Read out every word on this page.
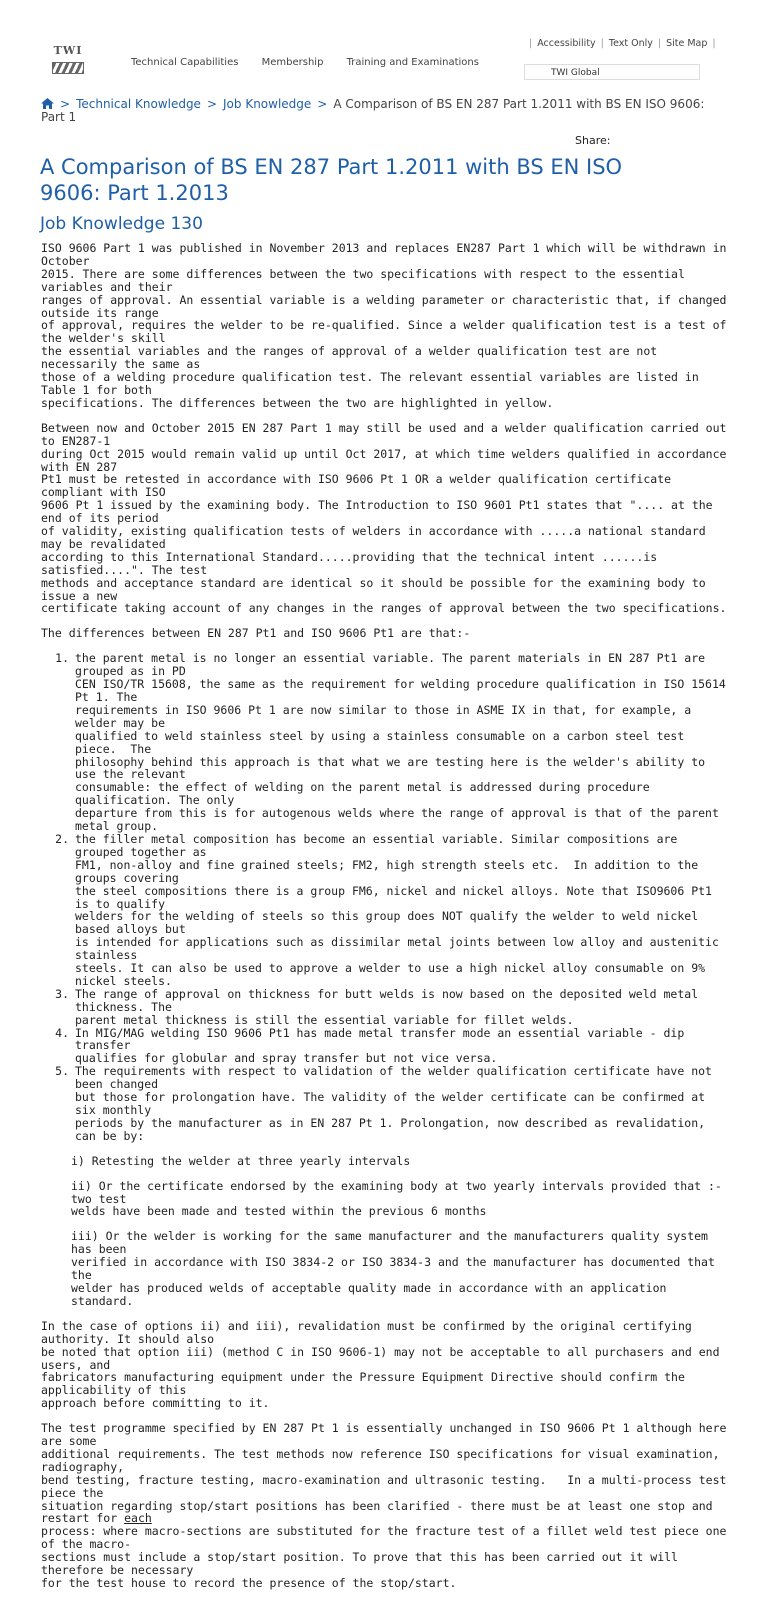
TWI
Technical Capabilities Membership Training and Examinations
| Accessibility | Text Only | Site Map |
TWI Global
> Technical Knowledge > Job Knowledge > A Comparison of BS EN 287 Part 1.2011 with BS EN ISO 9606:
Part 1
Share:
A Comparison of BS EN 287 Part 1.2011 with BS EN ISO
9606: Part 1.2013
Job Knowledge 130

ISO 9606 Part 1 was published in November 2013 and replaces EN287 Part 1 which will be withdrawn in October
2015. There are some differences between the two specifications with respect to the essential variables and their
ranges of approval. An essential variable is a welding parameter or characteristic that, if changed outside its range
of approval, requires the welder to be re-qualified. Since a welder qualification test is a test of the welder's skill
the essential variables and the ranges of approval of a welder qualification test are not necessarily the same as
those of a welding procedure qualification test. The relevant essential variables are listed in Table 1 for both
specifications. The differences between the two are highlighted in yellow.

Between now and October 2015 EN 287 Part 1 may still be used and a welder qualification carried out to EN287-1
during Oct 2015 would remain valid up until Oct 2017, at which time welders qualified in accordance with EN 287
Pt1 must be retested in accordance with ISO 9606 Pt 1 OR a welder qualification certificate compliant with ISO
9606 Pt 1 issued by the examining body. The Introduction to ISO 9601 Pt1 states that ".... at the end of its period
of validity, existing qualification tests of welders in accordance with .....a national standard may be revalidated
according to this International Standard.....providing that the technical intent ......is satisfied....". The test
methods and acceptance standard are identical so it should be possible for the examining body to issue a new
certificate taking account of any changes in the ranges of approval between the two specifications.

The differences between EN 287 Pt1 and ISO 9606 Pt1 are that:-

1. the parent metal is no longer an essential variable. The parent materials in EN 287 Pt1 are grouped as in PD
CEN ISO/TR 15608, the same as the requirement for welding procedure qualification in ISO 15614 Pt 1. The
requirements in ISO 9606 Pt 1 are now similar to those in ASME IX in that, for example, a welder may be
qualified to weld stainless steel by using a stainless consumable on a carbon steel test piece.  The
philosophy behind this approach is that what we are testing here is the welder's ability to use the relevant
consumable: the effect of welding on the parent metal is addressed during procedure qualification. The only
departure from this is for autogenous welds where the range of approval is that of the parent metal group.
2. the filler metal composition has become an essential variable. Similar compositions are grouped together as
FM1, non-alloy and fine grained steels; FM2, high strength steels etc.  In addition to the groups covering
the steel compositions there is a group FM6, nickel and nickel alloys. Note that ISO9606 Pt1 is to qualify
welders for the welding of steels so this group does NOT qualify the welder to weld nickel based alloys but
is intended for applications such as dissimilar metal joints between low alloy and austenitic stainless
steels. It can also be used to approve a welder to use a high nickel alloy consumable on 9% nickel steels.
3. The range of approval on thickness for butt welds is now based on the deposited weld metal thickness. The
parent metal thickness is still the essential variable for fillet welds.
4. In MIG/MAG welding ISO 9606 Pt1 has made metal transfer mode an essential variable - dip transfer
qualifies for globular and spray transfer but not vice versa.
5. The requirements with respect to validation of the welder qualification certificate have not been changed
but those for prolongation have. The validity of the welder certificate can be confirmed at six monthly
periods by the manufacturer as in EN 287 Pt 1. Prolongation, now described as revalidation, can be by:
i) Retesting the welder at three yearly intervals
ii) Or the certificate endorsed by the examining body at two yearly intervals provided that :-two test
welds have been made and tested within the previous 6 months
iii) Or the welder is working for the same manufacturer and the manufacturers quality system has been
verified in accordance with ISO 3834-2 or ISO 3834-3 and the manufacturer has documented that the
welder has produced welds of acceptable quality made in accordance with an application standard.

In the case of options ii) and iii), revalidation must be confirmed by the original certifying authority. It should also
be noted that option iii) (method C in ISO 9606-1) may not be acceptable to all purchasers and end users, and
fabricators manufacturing equipment under the Pressure Equipment Directive should confirm the applicability of this
approach before committing to it.

The test programme specified by EN 287 Pt 1 is essentially unchanged in ISO 9606 Pt 1 although here are some
additional requirements. The test methods now reference ISO specifications for visual examination, radiography,
bend testing, fracture testing, macro-examination and ultrasonic testing.   In a multi-process test piece the
situation regarding stop/start positions has been clarified - there must be at least one stop and restart for each
process: where macro-sections are substituted for the fracture test of a fillet weld test piece one of the macro-
sections must include a stop/start position. To prove that this has been carried out it will therefore be necessary
for the test house to record the presence of the stop/start.
